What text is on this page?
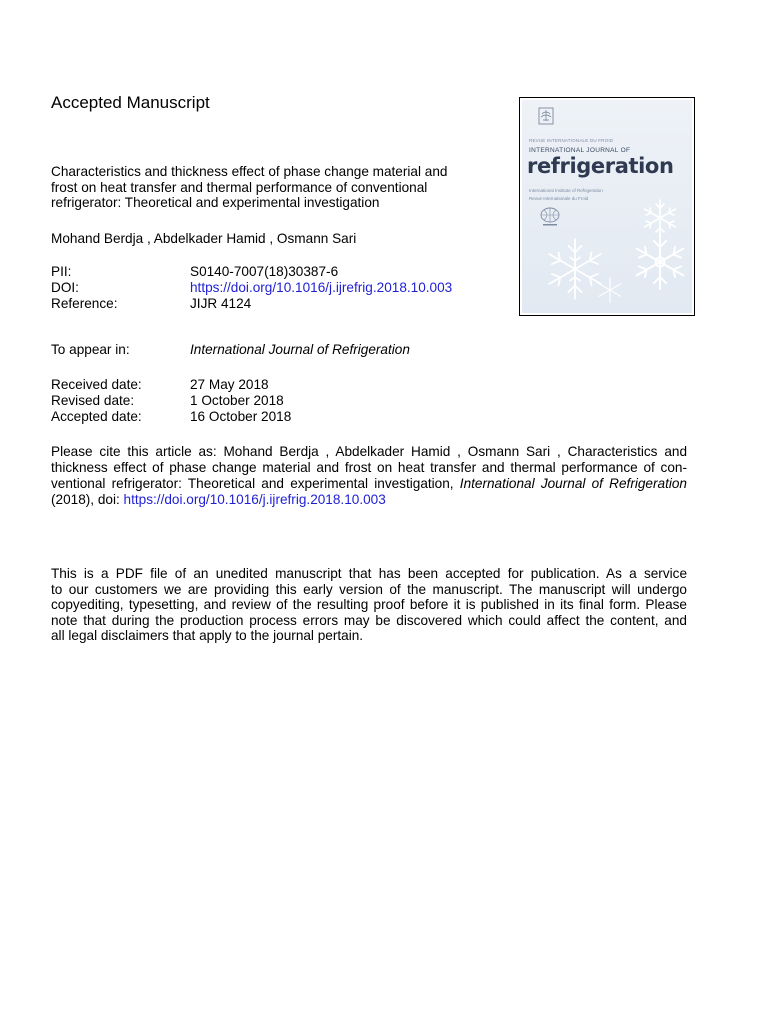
Accepted Manuscript
Characteristics and thickness effect of phase change material and
frost on heat transfer and thermal performance of conventional
refrigerator: Theoretical and experimental investigation
Mohand Berdja , Abdelkader Hamid , Osmann Sari
PII:	S0140-7007(18)30387-6
DOI:	https://doi.org/10.1016/j.ijrefrig.2018.10.003
Reference:	JIJR 4124
To appear in:	International Journal of Refrigeration
Received date:	27 May 2018
Revised date:	1 October 2018
Accepted date:	16 October 2018
Please cite this article as: Mohand Berdja , Abdelkader Hamid , Osmann Sari , Characteristics and
thickness effect of phase change material and frost on heat transfer and thermal performance of con-
ventional refrigerator: Theoretical and experimental investigation, International Journal of Refrigeration
(2018), doi: https://doi.org/10.1016/j.ijrefrig.2018.10.003
This is a PDF file of an unedited manuscript that has been accepted for publication. As a service
to our customers we are providing this early version of the manuscript. The manuscript will undergo
copyediting, typesetting, and review of the resulting proof before it is published in its final form. Please
note that during the production process errors may be discovered which could affect the content, and
all legal disclaimers that apply to the journal pertain.
REVUE INTERNATIONALE DU FROID
INTERNATIONAL JOURNAL OF
refrigeration
International Institute of Refrigeration
Revue Internationale du Froid
